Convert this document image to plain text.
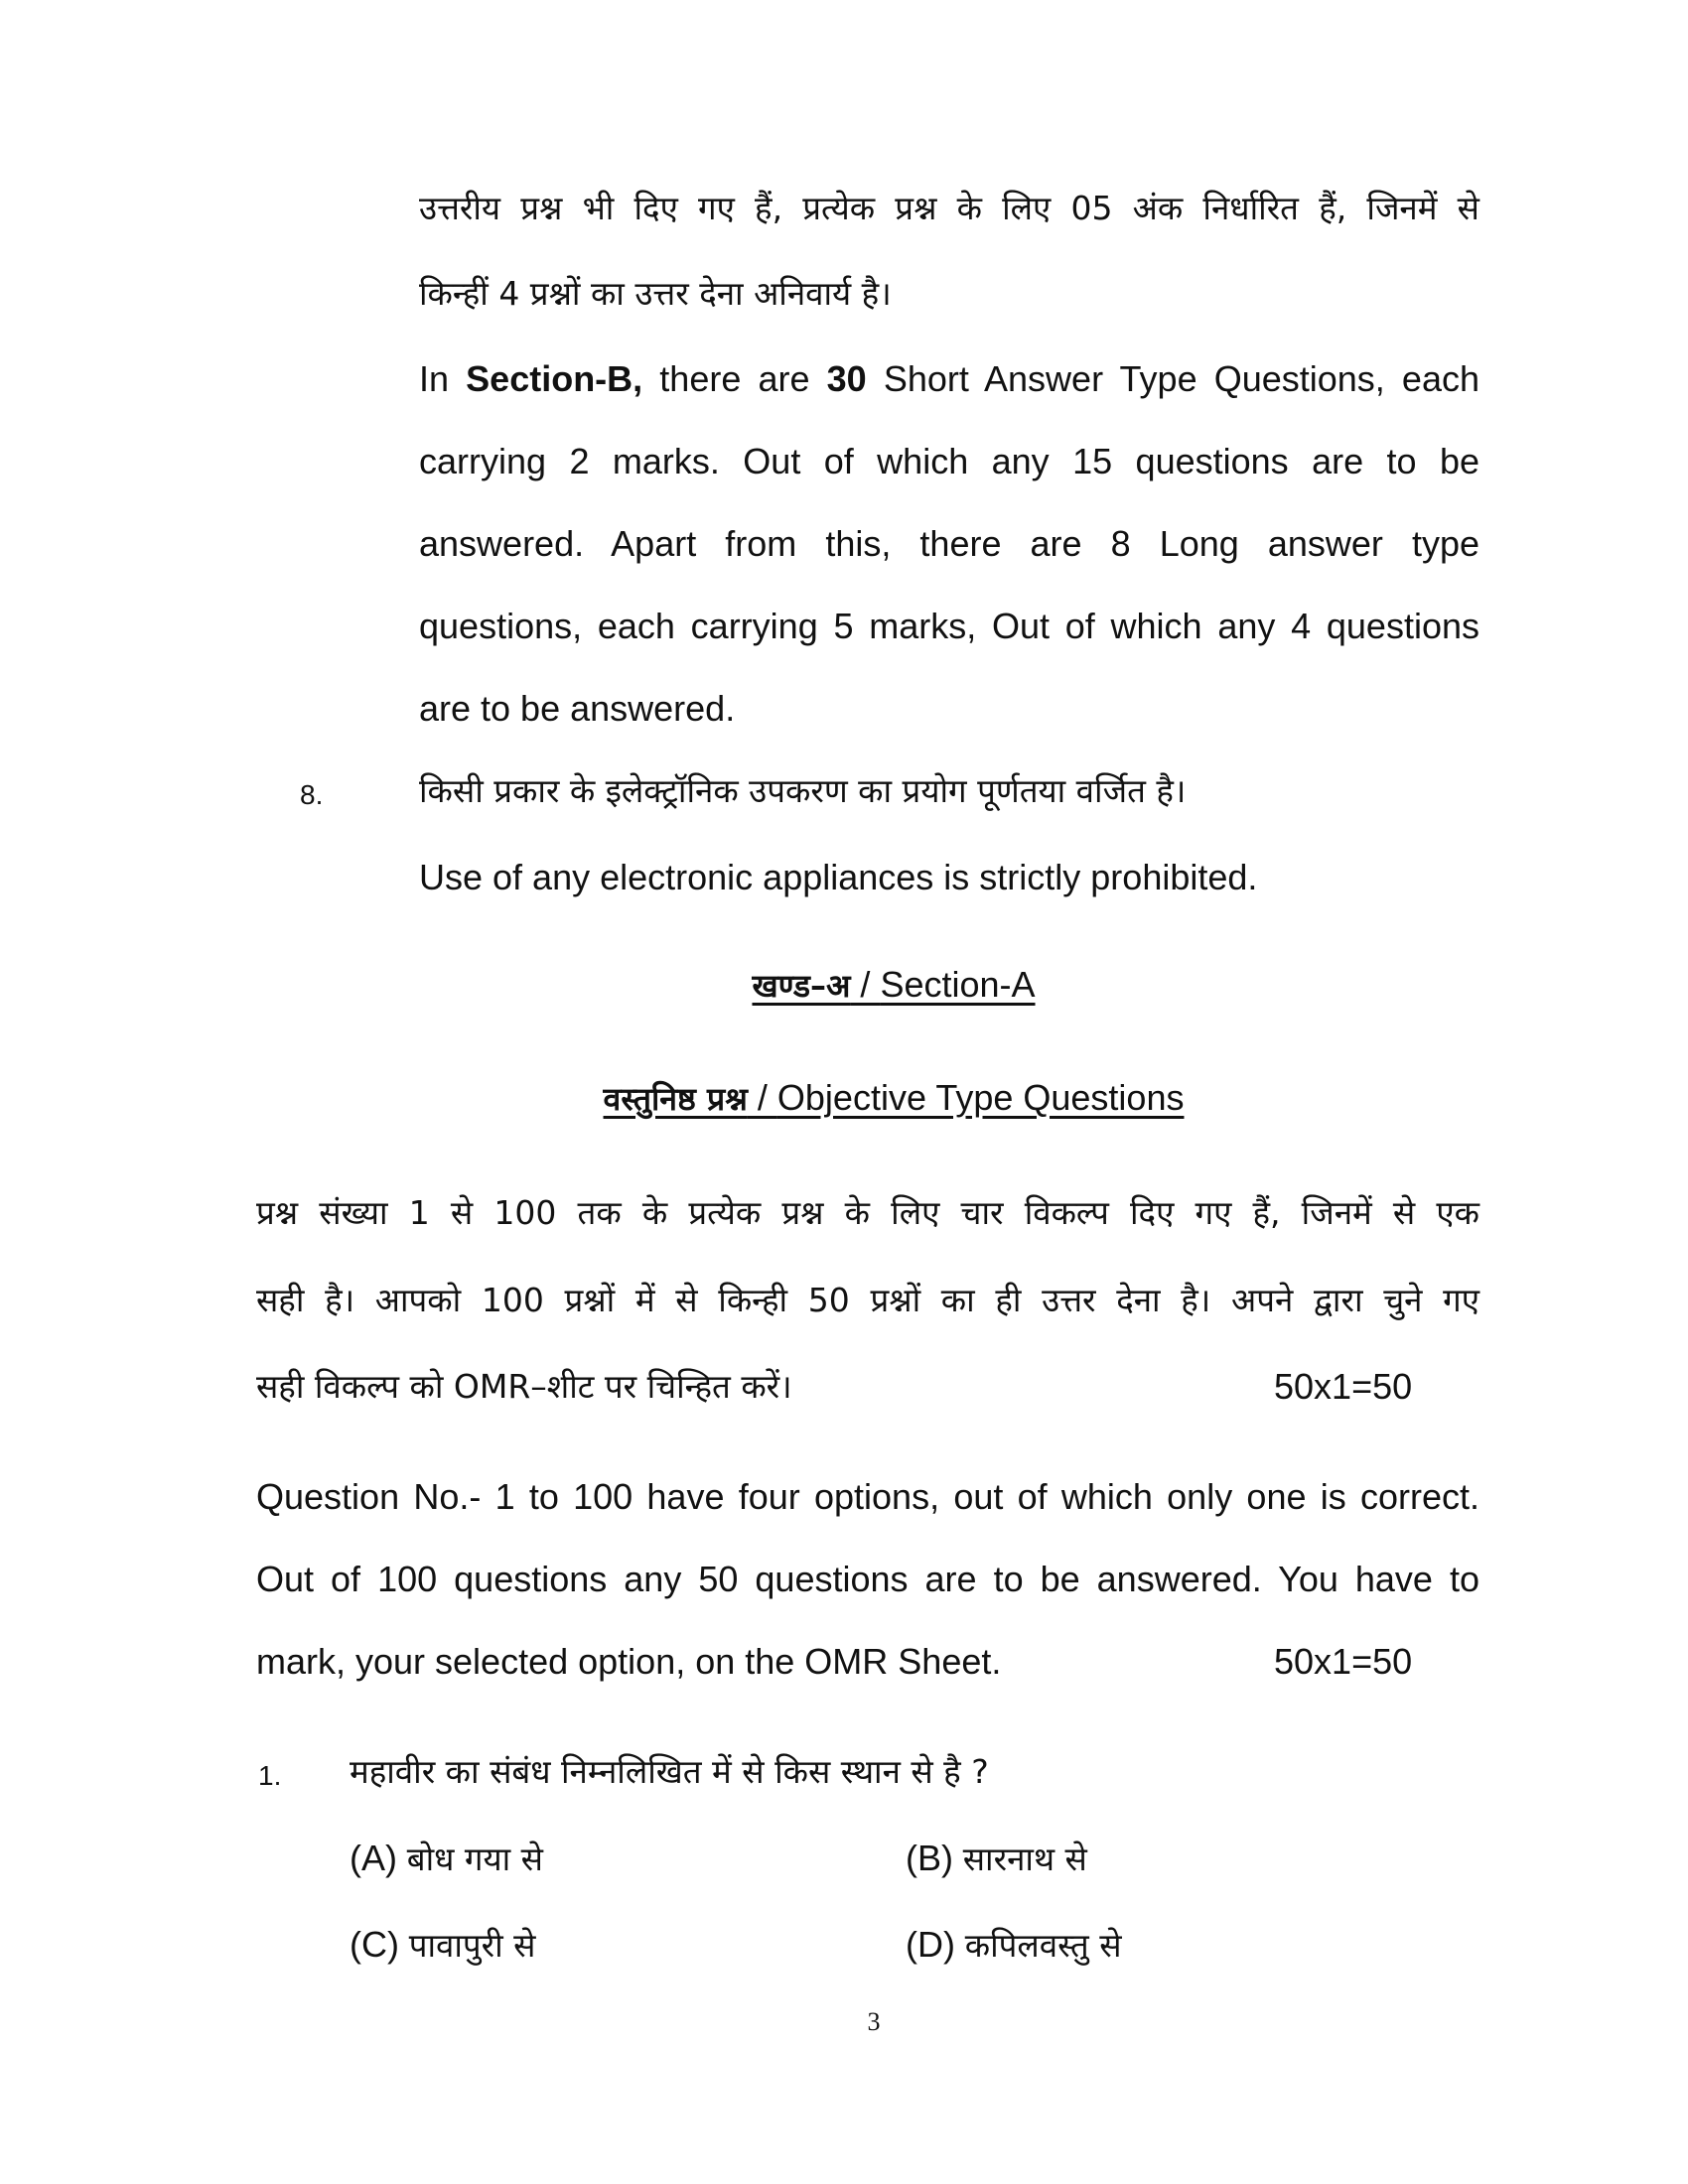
उत्तरीय प्रश्न भी दिए गए हैं, प्रत्येक प्रश्न के लिए 05 अंक निर्धारित हैं, जिनमें से
किन्हीं 4 प्रश्नों का उत्तर देना अनिवार्य है।
In Section-B, there are 30 Short Answer Type Questions, each
carrying 2 marks. Out of which any 15 questions are to be
answered. Apart from this, there are 8 Long answer type
questions, each carrying 5 marks, Out of which any 4 questions
are to be answered.
8.	किसी प्रकार के इलेक्ट्रॉनिक उपकरण का प्रयोग पूर्णतया वर्जित है।
Use of any electronic appliances is strictly prohibited.
खण्ड–अ / Section-A
वस्तुनिष्ठ प्रश्न / Objective Type Questions
प्रश्न संख्या 1 से 100 तक के प्रत्येक प्रश्न के लिए चार विकल्प दिए गए हैं, जिनमें से एक
सही है। आपको 100 प्रश्नों में से किन्ही 50 प्रश्नों का ही उत्तर देना है। अपने द्वारा चुने गए
सही विकल्प को OMR–शीट पर चिन्हित करें।	50x1=50
Question No.- 1 to 100 have four options, out of which only one is correct.
Out of 100 questions any 50 questions are to be answered. You have to
mark, your selected option, on the OMR Sheet.	50x1=50
1. महावीर का संबंध निम्नलिखित में से किस स्थान से है ?
(A) बोध गया से	(B) सारनाथ से
(C) पावापुरी से	(D) कपिलवस्तु से
3
